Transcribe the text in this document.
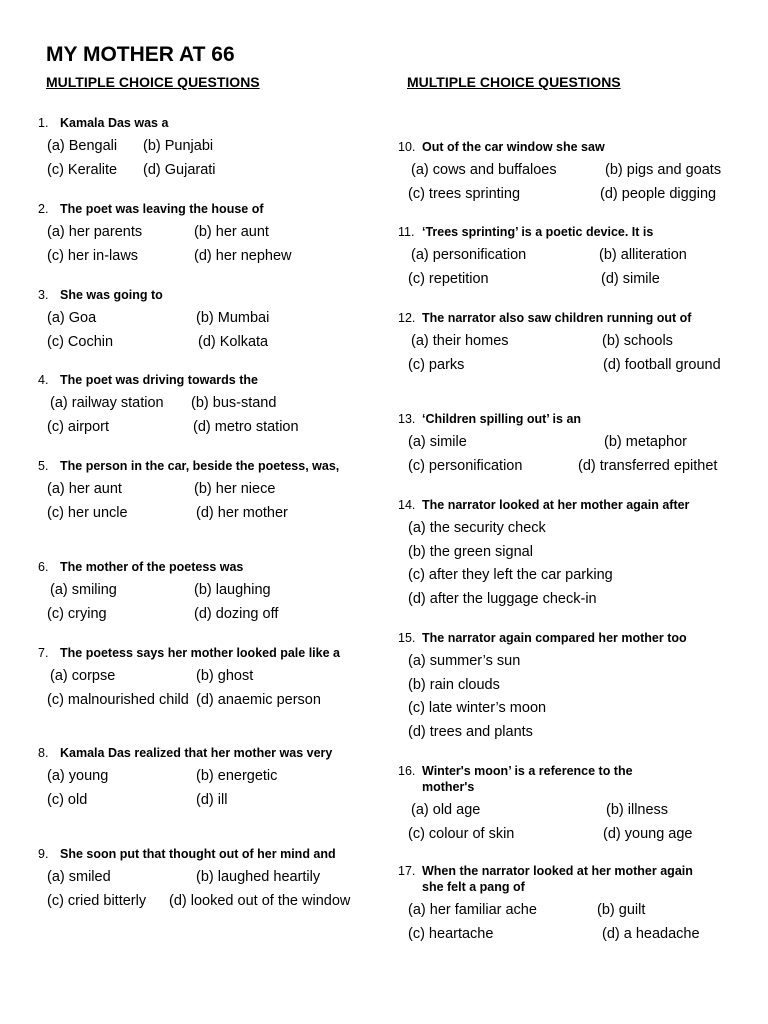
MY MOTHER AT 66
MULTIPLE CHOICE QUESTIONS	MULTIPLE CHOICE QUESTIONS
1. Kamala Das was a
(a) Bengali (b) Punjabi
(c) Keralite (d) Gujarati
2. The poet was leaving the house of
(a) her parents	(b) her aunt
(c) her in-laws	(d) her nephew
3. She was going to
(a) Goa	(b) Mumbai
(c) Cochin	(d) Kolkata
4. The poet was driving towards the
(a) railway station (b) bus-stand
(c) airport	(d) metro station
5. The person in the car, beside the poetess, was,
(a) her aunt	(b) her niece
(c) her uncle	(d) her mother
6. The mother of the poetess was
(a) smiling	(b) laughing
(c) crying	(d) dozing off
7. The poetess says her mother looked pale like a
(a) corpse	(b) ghost
(c) malnourished child (d) anaemic person
8. Kamala Das realized that her mother was very
(a) young	(b) energetic
(c) old	(d) ill
9. She soon put that thought out of her mind and
(a) smiled	(b) laughed heartily
(c) cried bitterly (d) looked out of the window
10. Out of the car window she saw
(a) cows and buffaloes	(b) pigs and goats
(c) trees sprinting	(d) people digging
11. ‘Trees sprinting’ is a poetic device. It is
(a) personification	(b) alliteration
(c) repetition	(d) simile
12. The narrator also saw children running out of
(a) their homes	(b) schools
(c) parks	(d) football ground
13. ‘Children spilling out’ is an
(a) simile	(b) metaphor
(c) personification	(d) transferred epithet
14. The narrator looked at her mother again after
(a) the security check
(b) the green signal
(c) after they left the car parking
(d) after the luggage check-in
15. The narrator again compared her mother too
(a) summer’s sun
(b) rain clouds
(c) late winter’s moon
(d) trees and plants
16. Winter's moon’ is a reference to the mother's
(a) old age	(b) illness
(c) colour of skin	(d) young age
17. When the narrator looked at her mother again she felt a pang of
(a) her familiar ache	(b) guilt
(c) heartache	(d) a headache
